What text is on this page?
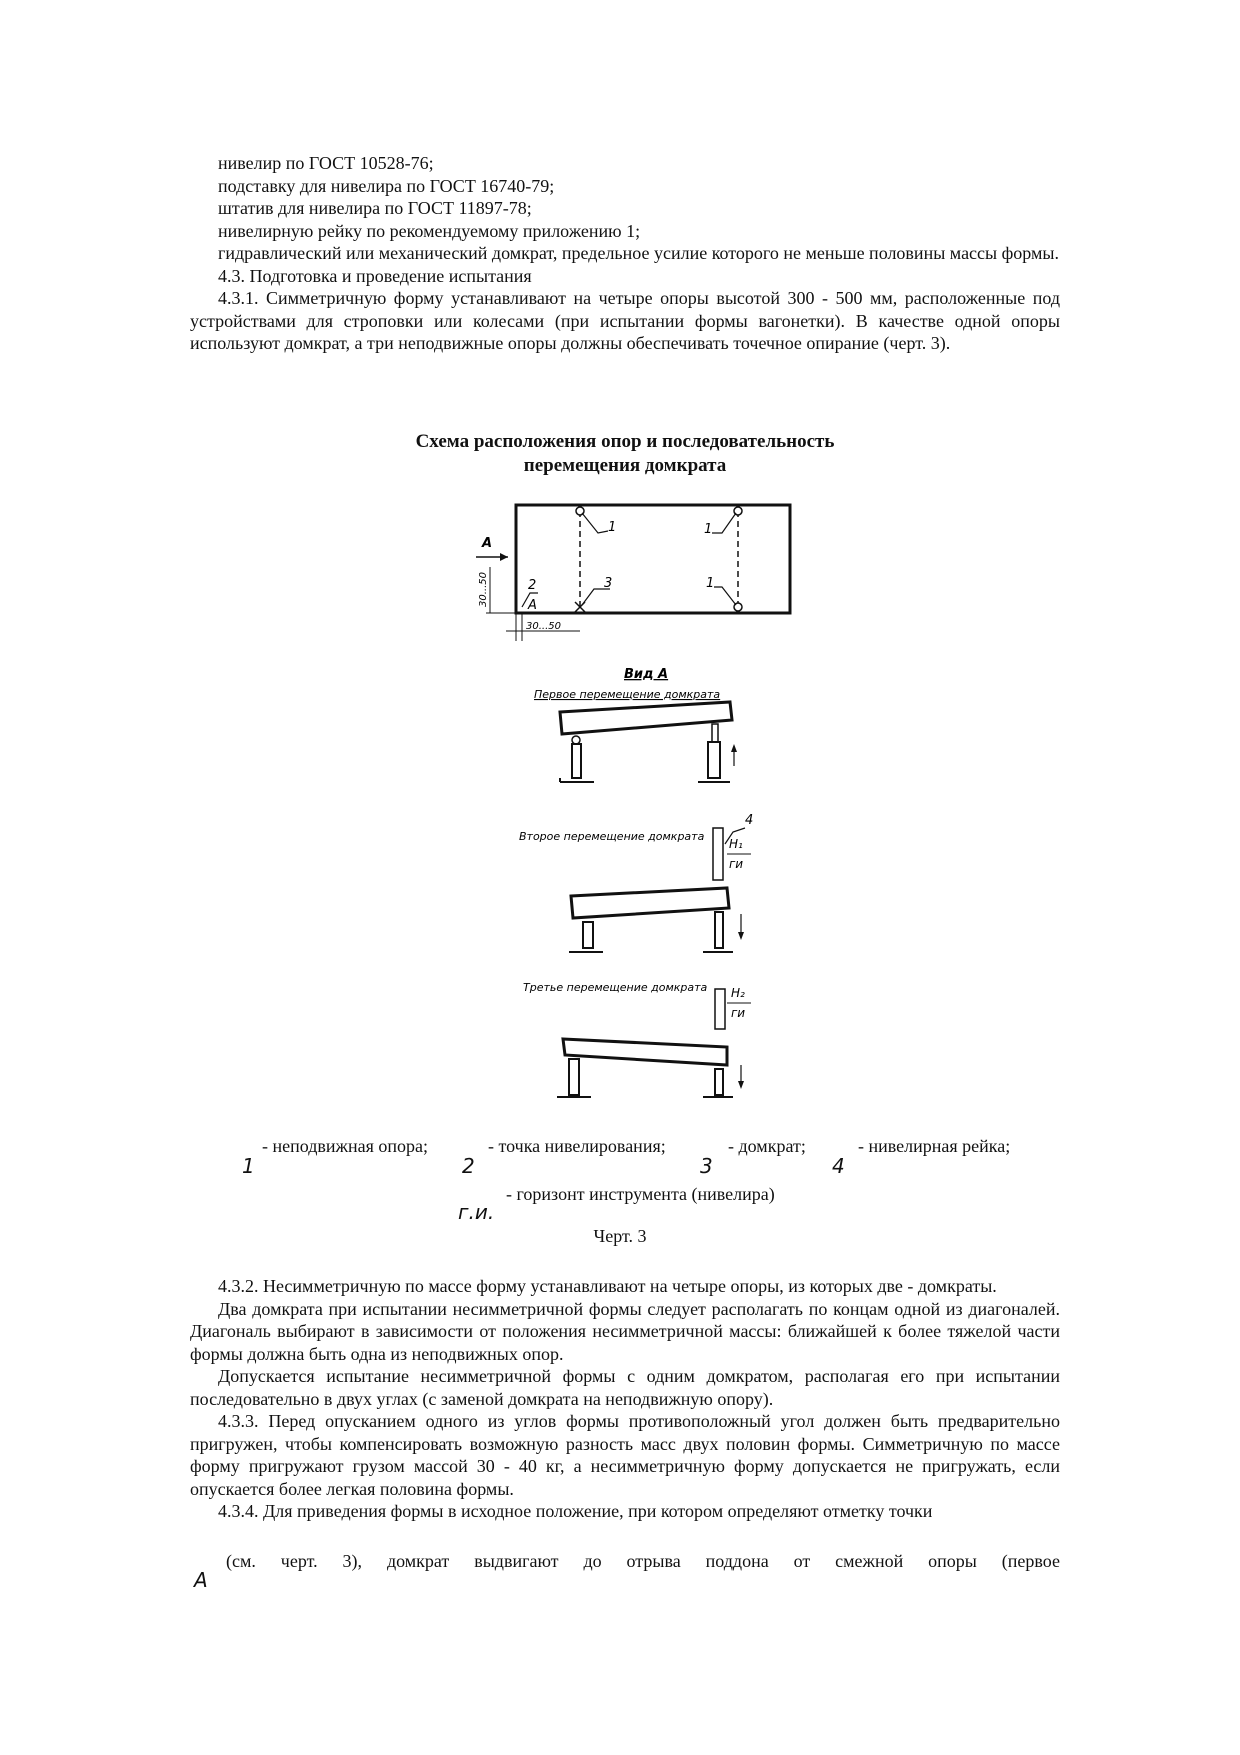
нивелир по ГОСТ 10528-76;

подставку для нивелира по ГОСТ 16740-79;

штатив для нивелира по ГОСТ 11897-78;

нивелирную рейку по рекомендуемому приложению 1;

гидравлический или механический домкрат, предельное усилие которого не меньше половины массы формы.

4.3. Подготовка и проведение испытания

4.3.1. Симметричную форму устанавливают на четыре опоры высотой 300 - 500 мм, расположенные под устройствами для строповки или колесами (при испытании формы вагонетки). В качестве одной опоры используют домкрат, а три неподвижные опоры должны обеспечивать точечное опирание (черт. 3).

Схема расположения опор и последовательность
перемещения домкрата
1	1
1
3
2
А
А
30...50
30...50
Вид А
Первое перемещение домкрата
Второе перемещение домкрата
4
H₁
ги
Третье перемещение домкрата H₂
ги
- неподвижная опора;
1
- точка нивелирования;
2
- домкрат;
3
- нивелирная рейка;
4
- горизонт инструмента (нивелира)
г.и.
Черт. 3

4.3.2. Несимметричную по массе форму устанавливают на четыре опоры, из которых две - домкраты.

Два домкрата при испытании несимметричной формы следует располагать по концам одной из диагоналей. Диагональ выбирают в зависимости от положения несимметричной массы: ближайшей к более тяжелой части формы должна быть одна из неподвижных опор.

Допускается испытание несимметричной формы с одним домкратом, располагая его при испытании последовательно в двух углах (с заменой домкрата на неподвижную опору).

4.3.3. Перед опусканием одного из углов формы противоположный угол должен быть предварительно пригружен, чтобы компенсировать возможную разность масс двух половин формы. Симметричную по массе форму пригружают грузом массой 30 - 40 кг, а несимметричную форму допускается не пригружать, если опускается более легкая половина формы.

4.3.4. Для приведения формы в исходное положение, при котором определяют отметку точки

(см. черт. 3), домкрат выдвигают до отрыва поддона от смежной опоры (первое

А
